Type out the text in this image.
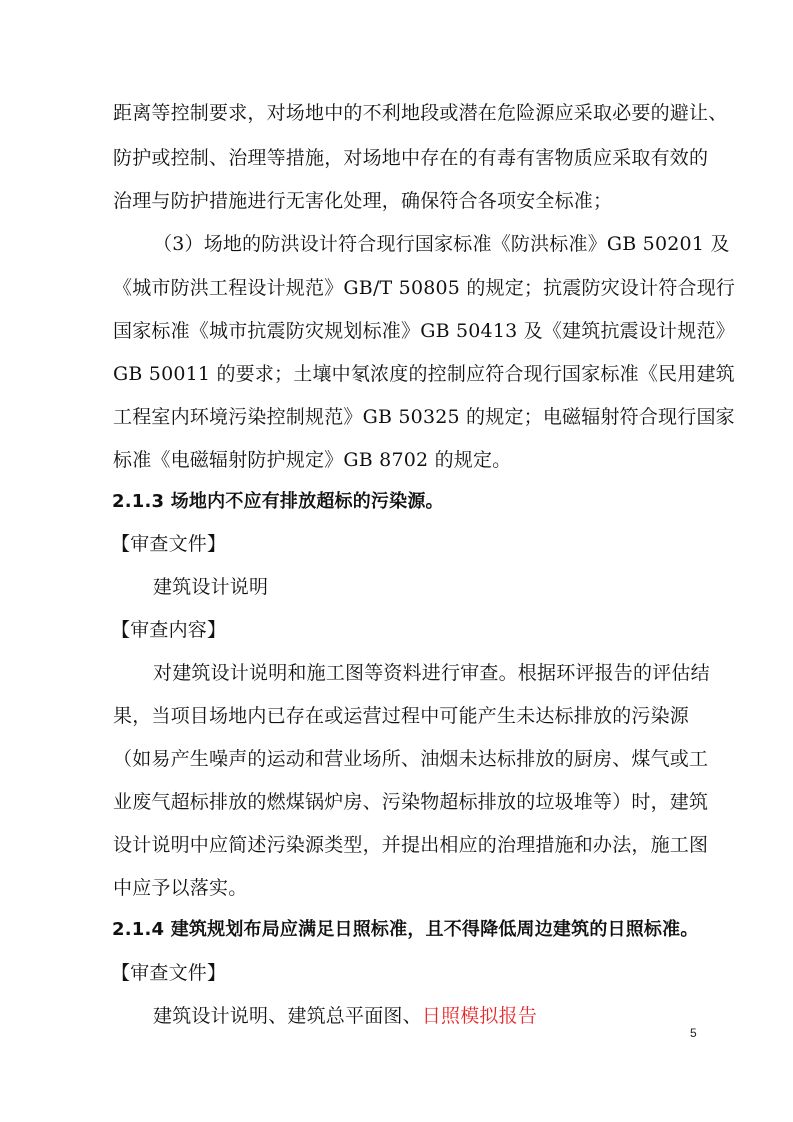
距离等控制要求，对场地中的不利地段或潜在危险源应采取必要的避让、
防护或控制、治理等措施，对场地中存在的有毒有害物质应采取有效的
治理与防护措施进行无害化处理，确保符合各项安全标准；
（3）场地的防洪设计符合现行国家标准《防洪标准》GB 50201 及
《城市防洪工程设计规范》GB/T 50805 的规定；抗震防灾设计符合现行
国家标准《城市抗震防灾规划标准》GB 50413 及《建筑抗震设计规范》
GB 50011 的要求；土壤中氡浓度的控制应符合现行国家标准《民用建筑
工程室内环境污染控制规范》GB 50325 的规定；电磁辐射符合现行国家
标准《电磁辐射防护规定》GB 8702 的规定。
2.1.3 场地内不应有排放超标的污染源。
【审查文件】
建筑设计说明
【审查内容】
对建筑设计说明和施工图等资料进行审查。根据环评报告的评估结
果，当项目场地内已存在或运营过程中可能产生未达标排放的污染源
（如易产生噪声的运动和营业场所、油烟未达标排放的厨房、煤气或工
业废气超标排放的燃煤锅炉房、污染物超标排放的垃圾堆等）时，建筑
设计说明中应简述污染源类型，并提出相应的治理措施和办法，施工图
中应予以落实。
2.1.4 建筑规划布局应满足日照标准，且不得降低周边建筑的日照标准。
【审查文件】
建筑设计说明、建筑总平面图、日照模拟报告
5
